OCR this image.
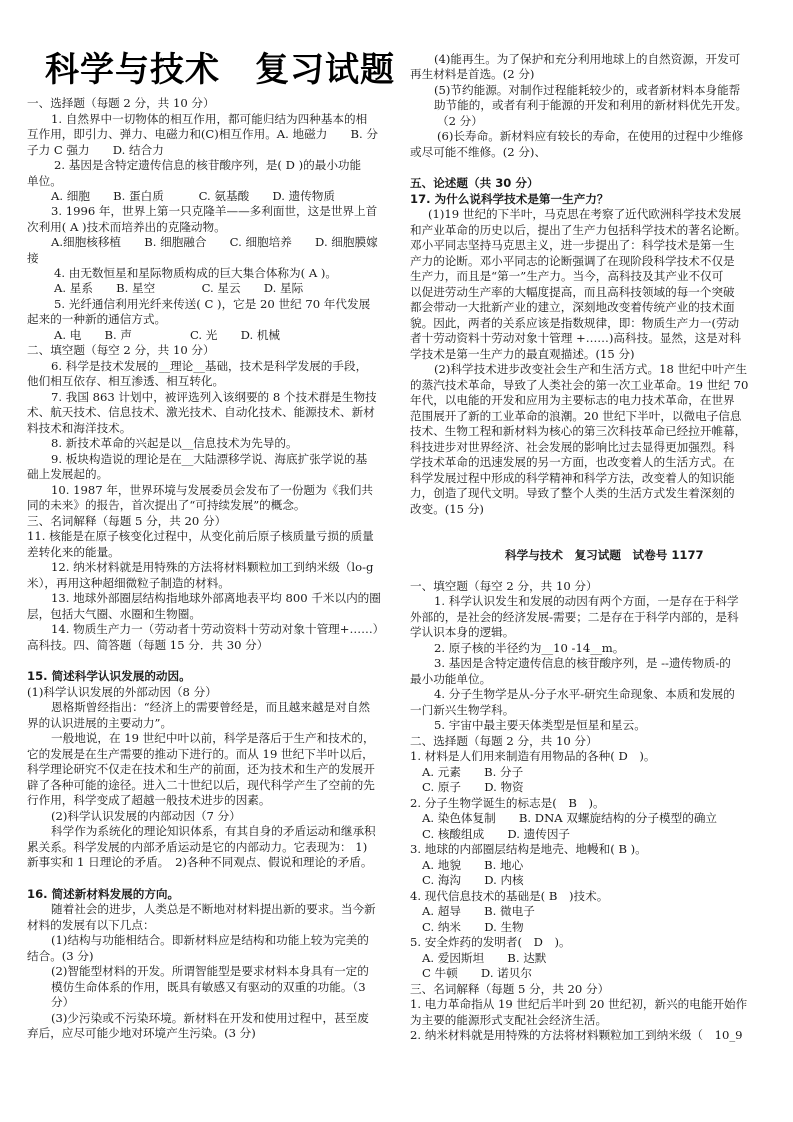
科学与技术　复习试题
一、选择题（每题 2 分，共 10 分）
1. 自然界中一切物体的相互作用，都可能归结为四种基本的相
互作用，即引力、弹力、电磁力和(C)相互作用。A. 地磁力　　B. 分
子力 C 强力　　D. 结合力
2. 基因是含特定遗传信息的核苷酸序列，是( D )的最小功能
单位。
A. 细胞　　B. 蛋白质　　　C. 氨基酸　　D. 遗传物质
3. 1996 年，世界上第一只克隆羊——多利面世，这是世界上首
次利用( A )技术而培养出的克隆动物。
A.细胞核移植　　B. 细胞融合　　C. 细胞培养　　D. 细胞膜嫁
接
4. 由无数恒星和星际物质构成的巨大集合体称为( A )。
A. 星系　　B. 星空　　　　C. 星云　　D. 星际
5. 光纤通信利用光纤来传送( C )，它是 20 世纪 70 年代发展
起来的一种新的通信方式。
A. 电　　B. 声　　　　　C. 光　　D. 机械
二、填空题（每空 2 分，共 10 分）
6. 科学是技术发展的__理论__基础，技术是科学发展的手段，
他们相互依存、相互渗透、相互转化。
7. 我国 863 计划中，被评选列入该纲要的 8 个技术群是生物技
术、航天技术、信息技术、激光技术、自动化技术、能源技术、新材
料技术和海洋技术。
8. 新技术革命的兴起是以__信息技术为先导的。
9. 板块构造说的理论是在__大陆漂移学说、海底扩张学说的基
础上发展起的。
10. 1987 年，世界环境与发展委员会发布了一份题为《我们共
同的未来》的报告，首次提出了“可持续发展”的概念。
三、名词解释（每题 5 分，共 20 分）
11. 核能是在原子核变化过程中，从变化前后原子核质量亏损的质量
差转化来的能量。
12. 纳米材料就是用特殊的方法将材料颗粒加工到纳米级（lo-g
米），再用这种超细微粒子制造的材料。
13. 地球外部圈层结构指地球外部离地表平均 800 千米以内的圈
层，包括大气圈、水圈和生物圈。
14. 物质生产力一（劳动者十劳动资料十劳动对象十管理+……）
高科技。四、简答题（每题 15 分．共 30 分）
15. 简述科学认识发展的动因。
(1)科学认识发展的外部动因（8 分）
恩格斯曾经指出：“经济上的需要曾经是，而且越来越是对自然
界的认识进展的主要动力”。
一般地说，在 19 世纪中叶以前，科学是落后于生产和技术的，
它的发展是在生产需要的推动下进行的。而从 19 世纪下半叶以后，
科学理论研究不仅走在技术和生产的前面，还为技术和生产的发展开
辟了各种可能的途径。进入二十世纪以后，现代科学产生了空前的先
行作用，科学变成了超越一般技术进步的因素。
(2)科学认识发展的内部动因（7 分）
科学作为系统化的理论知识体系，有其自身的矛盾运动和继承积
累关系。科学发展的内部矛盾运动是它的内部动力。它表现为： 1)
新事实和 1 日理论的矛盾。　2)各种不同观点、假说和理论的矛盾。
16. 简述新材料发展的方向。
随着社会的进步，人类总是不断地对材料提出新的要求。当今新
材料的发展有以下几点：
(1)结构与功能相结合。即新材料应是结构和功能上较为完美的
结合。(3 分)
(2)智能型材料的开发。所谓智能型是要求材料本身具有一定的
模仿生命体系的作用，既具有敏感又有驱动的双重的功能。（3
分）
(3)少污染或不污染环境。新材料在开发和使用过程中，甚至废
弃后，应尽可能少地对环境产生污染。(3 分)
(4)能再生。为了保护和充分利用地球上的自然资源，开发可
再生材料是首选。(2 分)
(5)节约能源。对制作过程能耗较少的，或者新材料本身能帮
助节能的，或者有利于能源的开发和利用的新材料优先开发。
（2 分）
(6)长寿命。新材料应有较长的寿命，在使用的过程中少维修
或尽可能不维修。(2 分)、
五、论述题（共 30 分）
17. 为什么说科学技术是第一生产力？
(1)19 世纪的下半叶，马克思在考察了近代欧洲科学技术发展
和产业革命的历史以后，提出了生产力包括科学技术的著名论断。
邓小平同志坚持马克思主义，进一步提出了：科学技术是第一生
产力的论断。邓小平同志的论断强调了在现阶段科学技术不仅是
生产力，而且是“第一”生产力。当今，高科技及其产业不仅可
以促进劳动生产率的大幅度提高，而且高科技领域的每一个突破
都会带动一大批新产业的建立，深刻地改变着传统产业的技术面
貌。因此，两者的关系应该是指数规律，即：物质生产力一(劳动
者十劳动资料十劳动对象十管理 +……)高科技。显然，这是对科
学技术是第一生产力的最直观描述。(15 分)
(2)科学技术进步改变社会生产和生活方式。18 世纪中叶产生
的蒸汽技术革命，导致了人类社会的第一次工业革命。19 世纪 70
年代，以电能的开发和应用为主要标志的电力技术革命，在世界
范围展开了新的工业革命的浪潮。20 世纪下半叶，以微电子信息
技术、生物工程和新材料为核心的第三次科技革命已经拉开帷幕，
科技进步对世界经济、社会发展的影响比过去显得更加强烈。科
学技术革命的迅速发展的另一方面，也改变着人的生活方式。在
科学发展过程中形成的科学精神和科学方法，改变着人的知识能
力，创造了现代文明。导致了整个人类的生活方式发生着深刻的
改变。(15 分)
科学与技术　复习试题　试卷号 1177
一、填空题（每空 2 分，共 10 分）
1. 科学认识发生和发展的动因有两个方面，一是存在于科学
外部的，是社会的经济发展-需要；二是存在于科学内部的，是科
学认识本身的逻辑。
2. 原子核的半径约为__10 -14__m。
3. 基因是含特定遗传信息的核苷酸序列，是 --遗传物质-的
最小功能单位。
4. 分子生物学是从-分子水平-研究生命现象、本质和发展的
一门新兴生物学科。
5. 宇宙中最主要天体类型是恒星和星云。
二、选择题（每题 2 分，共 10 分）
1. 材料是人们用来制造有用物品的各种( D　)。
A. 元素　　B. 分子
C. 原子　　D. 物资
2. 分子生物学诞生的标志是(　B　)。
A. 染色体复制　　B. DNA 双螺旋结构的分子模型的确立
C. 核酸组成　　D. 遗传因子
3. 地球的内部圈层结构是地壳、地幔和( B )。
A. 地貌　　B. 地心
C. 海沟　　D. 内核
4. 现代信息技术的基础是( B　)技术。
A. 超导　　B. 微电子
C. 纳米　　D. 生物
5. 安全炸药的发明者(　D　)。
A. 爱因斯坦　　B. 达默
C 牛顿　　D. 诺贝尔
三、名词解释（每题 5 分，共 20 分）
1. 电力革命指从 19 世纪后半叶到 20 世纪初，新兴的电能开始作
为主要的能源形式支配社会经济生活。
2. 纳米材料就是用特殊的方法将材料颗粒加工到纳米级（　10_9
